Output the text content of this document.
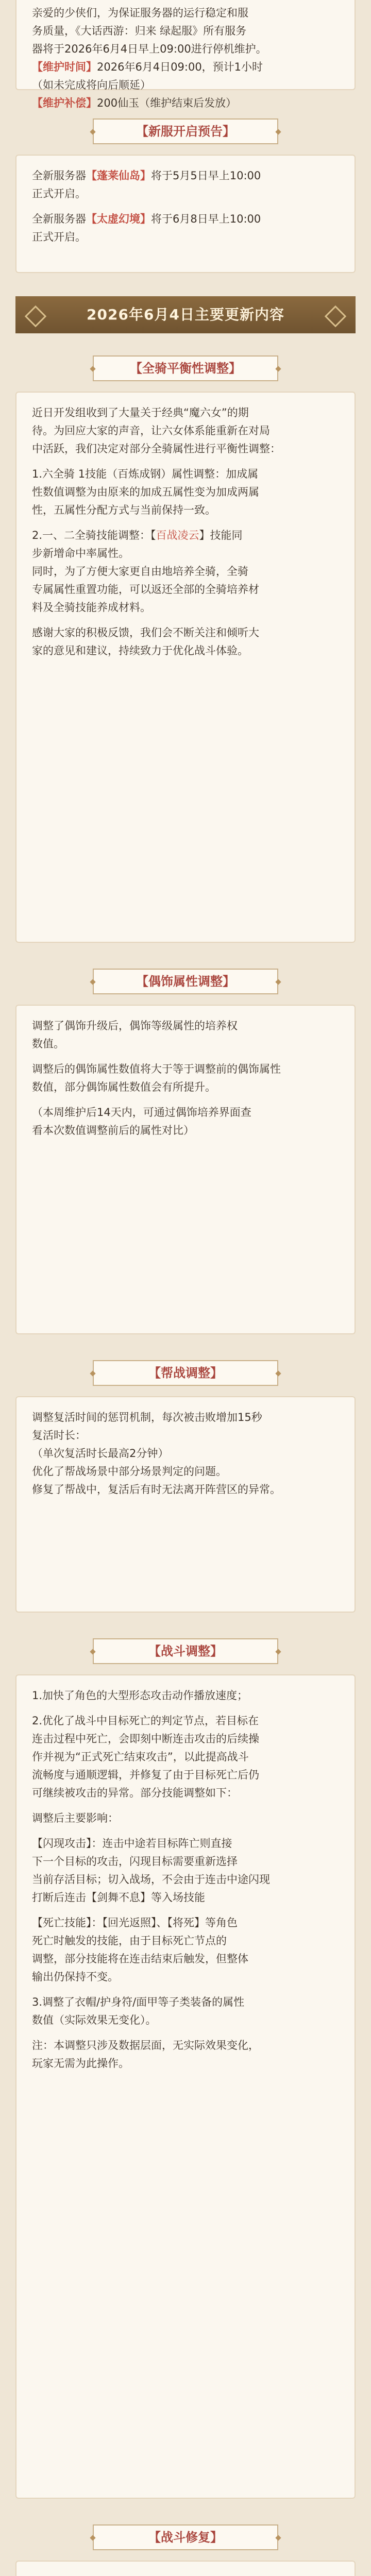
亲爱的少侠们，为保证服务器的运行稳定和服
务质量，《大话西游：归来 绿起服》所有服务
器将于2026年6月4日早上09:00进行停机维护。
【维护时间】2026年6月4日09:00，预计1小时
（如未完成将向后顺延）
【维护补偿】200仙玉（维护结束后发放）
【新服开启预告】

全新服务器【蓬莱仙岛】将于5月5日早上10:00
正式开启。

全新服务器【太虚幻境】将于6月8日早上10:00
正式开启。

2026年6月4日主要更新内容
【全骑平衡性调整】

近日开发组收到了大量关于经典“魔六女”的期
待。为回应大家的声音，让六女体系能重新在对局
中活跃，我们决定对部分全骑属性进行平衡性调整：

1.六全骑 1技能（百炼成钢）属性调整：加成属
性数值调整为由原来的加成五属性变为加成两属
性，五属性分配方式与当前保持一致。

2.一、二全骑技能调整：【百战凌云】技能同
步新增命中率属性。
同时，为了方便大家更自由地培养全骑，全骑
专属属性重置功能，可以返还全部的全骑培养材
料及全骑技能养成材料。

感谢大家的积极反馈，我们会不断关注和倾听大
家的意见和建议，持续致力于优化战斗体验。

【偶饰属性调整】

调整了偶饰升级后，偶饰等级属性的培养权
数值。

调整后的偶饰属性数值将大于等于调整前的偶饰属性
数值，部分偶饰属性数值会有所提升。

（本周维护后14天内，可通过偶饰培养界面查
看本次数值调整前后的属性对比）

【帮战调整】

调整复活时间的惩罚机制，每次被击败增加15秒
复活时长：
（单次复活时长最高2分钟）
优化了帮战场景中部分场景判定的问题。
修复了帮战中，复活后有时无法离开阵营区的异常。

【战斗调整】

1.加快了角色的大型形态攻击动作播放速度；

2.优化了战斗中目标死亡的判定节点，若目标在
连击过程中死亡，会即刻中断连击攻击的后续操
作并视为“正式死亡结束攻击”，以此提高战斗
流畅度与通顺逻辑，并修复了由于目标死亡后仍
可继续被攻击的异常。部分技能调整如下：

调整后主要影响：

【闪现攻击】：连击中途若目标阵亡则直接
下一个目标的攻击，闪现目标需要重新选择
当前存活目标；切入战场，不会由于连击中途闪现
打断后连击【剑舞不息】等入场技能

【死亡技能】：【回光返照】、【将死】等角色
死亡时触发的技能，由于目标死亡节点的
调整，部分技能将在连击结束后触发，但整体
输出仍保持不变。

3.调整了衣帽/护身符/面甲等子类装备的属性
数值（实际效果无变化）。

注：本调整只涉及数据层面，无实际效果变化，
玩家无需为此操作。

【战斗修复】
